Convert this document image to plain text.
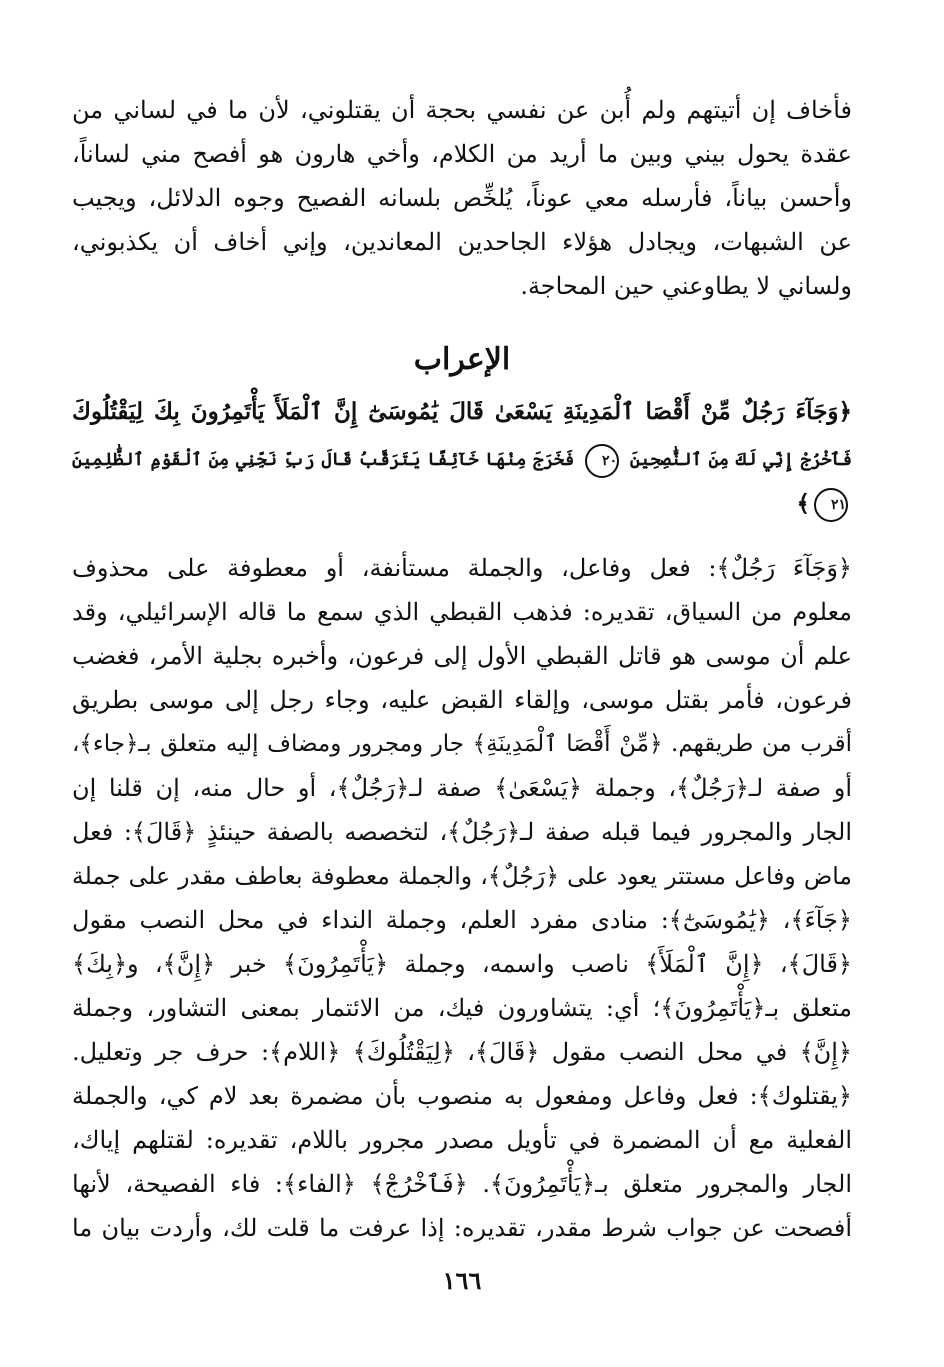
فأخاف إن أتيتهم ولم أُبن عن نفسي بحجة أن يقتلوني، لأن ما في لساني من
عقدة يحول بيني وبين ما أريد من الكلام، وأخي هارون هو أفصح مني لساناً،
وأحسن بياناً، فأرسله معي عوناً، يُلخِّص بلسانه الفصيح وجوه الدلائل، ويجيب
عن الشبهات، ويجادل هؤلاء الجاحدين المعاندين، وإني أخاف أن يكذبوني،
ولساني لا يطاوعني حين المحاجة.
الإعراب
﴿وَجَآءَ رَجُلٌ مِّنْ أَقْصَا ٱلْمَدِينَةِ يَسْعَىٰ قَالَ يَٰمُوسَىٰٓ إِنَّ ٱلْمَلَأَ يَأْتَمِرُونَ بِكَ لِيَقْتُلُوكَ
فَٱخْرُجْ إِنِّي لَكَ مِنَ ٱلنَّٰصِحِينَ ٢٠ فَخَرَجَ مِنْهَا خَآئِفًا يَتَرَقَّبُ قَالَ رَبِّ نَجِّنِي مِنَ ٱلْقَوْمِ ٱلظَّٰلِمِينَ
٢١﴾
﴿وَجَآءَ رَجُلٌ﴾: فعل وفاعل، والجملة مستأنفة، أو معطوفة على محذوف
معلوم من السياق، تقديره: فذهب القبطي الذي سمع ما قاله الإسرائيلي، وقد
علم أن موسى هو قاتل القبطي الأول إلى فرعون، وأخبره بجلية الأمر، فغضب
فرعون، فأمر بقتل موسى، وإلقاء القبض عليه، وجاء رجل إلى موسى بطريق
أقرب من طريقهم. ﴿مِّنْ أَقْصَا ٱلْمَدِينَةِ﴾ جار ومجرور ومضاف إليه متعلق بـ﴿جاء﴾،
أو صفة لـ﴿رَجُلٌ﴾، وجملة ﴿يَسْعَىٰ﴾ صفة لـ﴿رَجُلٌ﴾، أو حال منه، إن قلنا إن
الجار والمجرور فيما قبله صفة لـ﴿رَجُلٌ﴾، لتخصصه بالصفة حينئذٍ ﴿قَالَ﴾: فعل
ماض وفاعل مستتر يعود على ﴿رَجُلٌ﴾، والجملة معطوفة بعاطف مقدر على جملة
﴿جَآءَ﴾، ﴿يَٰمُوسَىٰٓ﴾: منادى مفرد العلم، وجملة النداء في محل النصب مقول
﴿قَالَ﴾، ﴿إِنَّ ٱلْمَلَأَ﴾ ناصب واسمه، وجملة ﴿يَأْتَمِرُونَ﴾ خبر ﴿إِنَّ﴾، و﴿بِكَ﴾
متعلق بـ﴿يَأْتَمِرُونَ﴾؛ أي: يتشاورون فيك، من الائتمار بمعنى التشاور، وجملة
﴿إِنَّ﴾ في محل النصب مقول ﴿قَالَ﴾، ﴿لِيَقْتُلُوكَ﴾ ﴿اللام﴾: حرف جر وتعليل.
﴿يقتلوك﴾: فعل وفاعل ومفعول به منصوب بأن مضمرة بعد لام كي، والجملة
الفعلية مع أن المضمرة في تأويل مصدر مجرور باللام، تقديره: لقتلهم إياك،
الجار والمجرور متعلق بـ﴿يَأْتَمِرُونَ﴾. ﴿فَٱخْرُجْ﴾ ﴿الفاء﴾: فاء الفصيحة، لأنها
أفصحت عن جواب شرط مقدر، تقديره: إذا عرفت ما قلت لك، وأردت بيان ما
١٦٦
